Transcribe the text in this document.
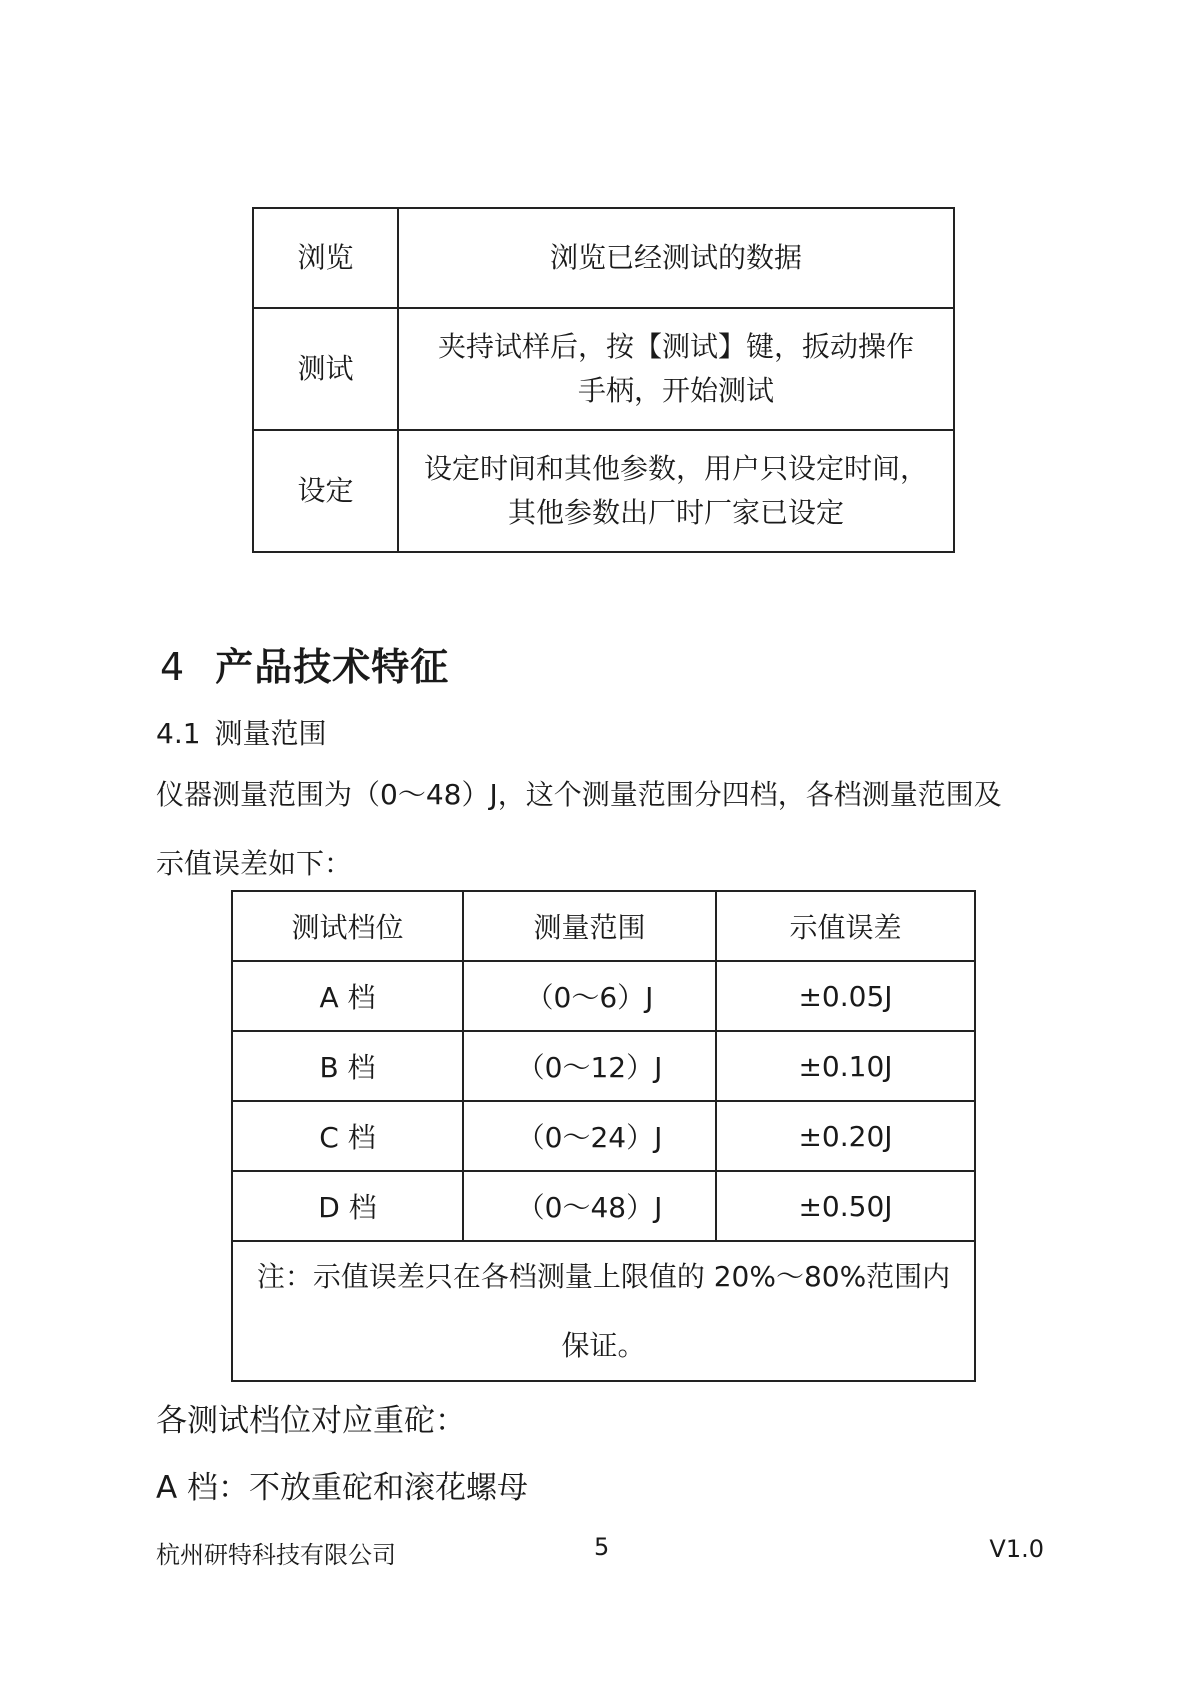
浏览	浏览已经测试的数据
测试	夹持试样后，按【测试】键，扳动操作
手柄，开始测试
设定	设定时间和其他参数，用户只设定时间，
其他参数出厂时厂家已设定
4 产品技术特征
4.1 测量范围
仪器测量范围为（0～48）J，这个测量范围分四档，各档测量范围及
示值误差如下：
测试档位	测量范围	示值误差
A 档	（0～6）J	±0.05J
B 档	（0～12）J	±0.10J
C 档	（0～24）J	±0.20J
D 档	（0～48）J	±0.50J
注：示值误差只在各档测量上限值的 20%～80%范围内
保证。		
各测试档位对应重砣：
A 档：不放重砣和滚花螺母
杭州研特科技有限公司	5	V1.0
